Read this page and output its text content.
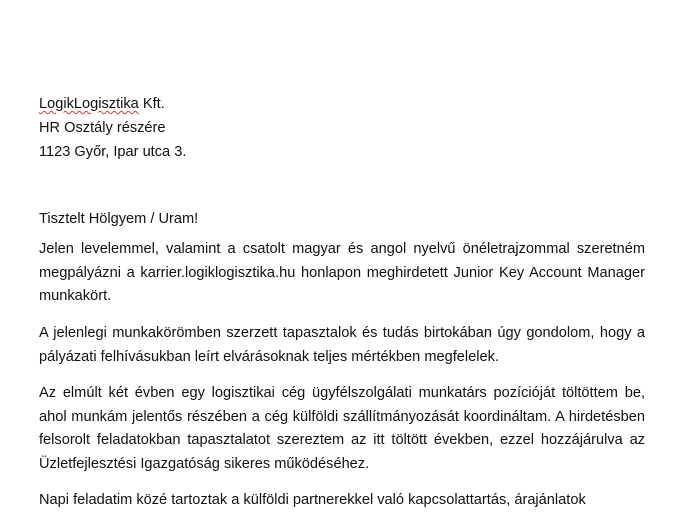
LogikLogisztika Kft.
HR Osztály részére
1123 Győr, Ipar utca 3.
Tisztelt Hölgyem / Uram!
Jelen levelemmel, valamint a csatolt magyar és angol nyelvű önéletrajzommal szeretném megpályázni a karrier.logiklogisztika.hu honlapon meghirdetett Junior Key Account Manager munkakört.
A jelenlegi munkakörömben szerzett tapasztalok és tudás birtokában úgy gondolom, hogy a pályázati felhívásukban leírt elvárásoknak teljes mértékben megfelelek.
Az elmúlt két évben egy logisztikai cég ügyfélszolgálati munkatárs pozícióját töltöttem be, ahol munkám jelentős részében a cég külföldi szállítmányozását koordináltam. A hirdetésben felsorolt feladatokban tapasztalatot szereztem az itt töltött években, ezzel hozzájárulva az Üzletfejlesztési Igazgatóság sikeres működéséhez.
Napi feladatim közé tartoztak a külföldi partnerekkel való kapcsolattartás, árajánlatok
